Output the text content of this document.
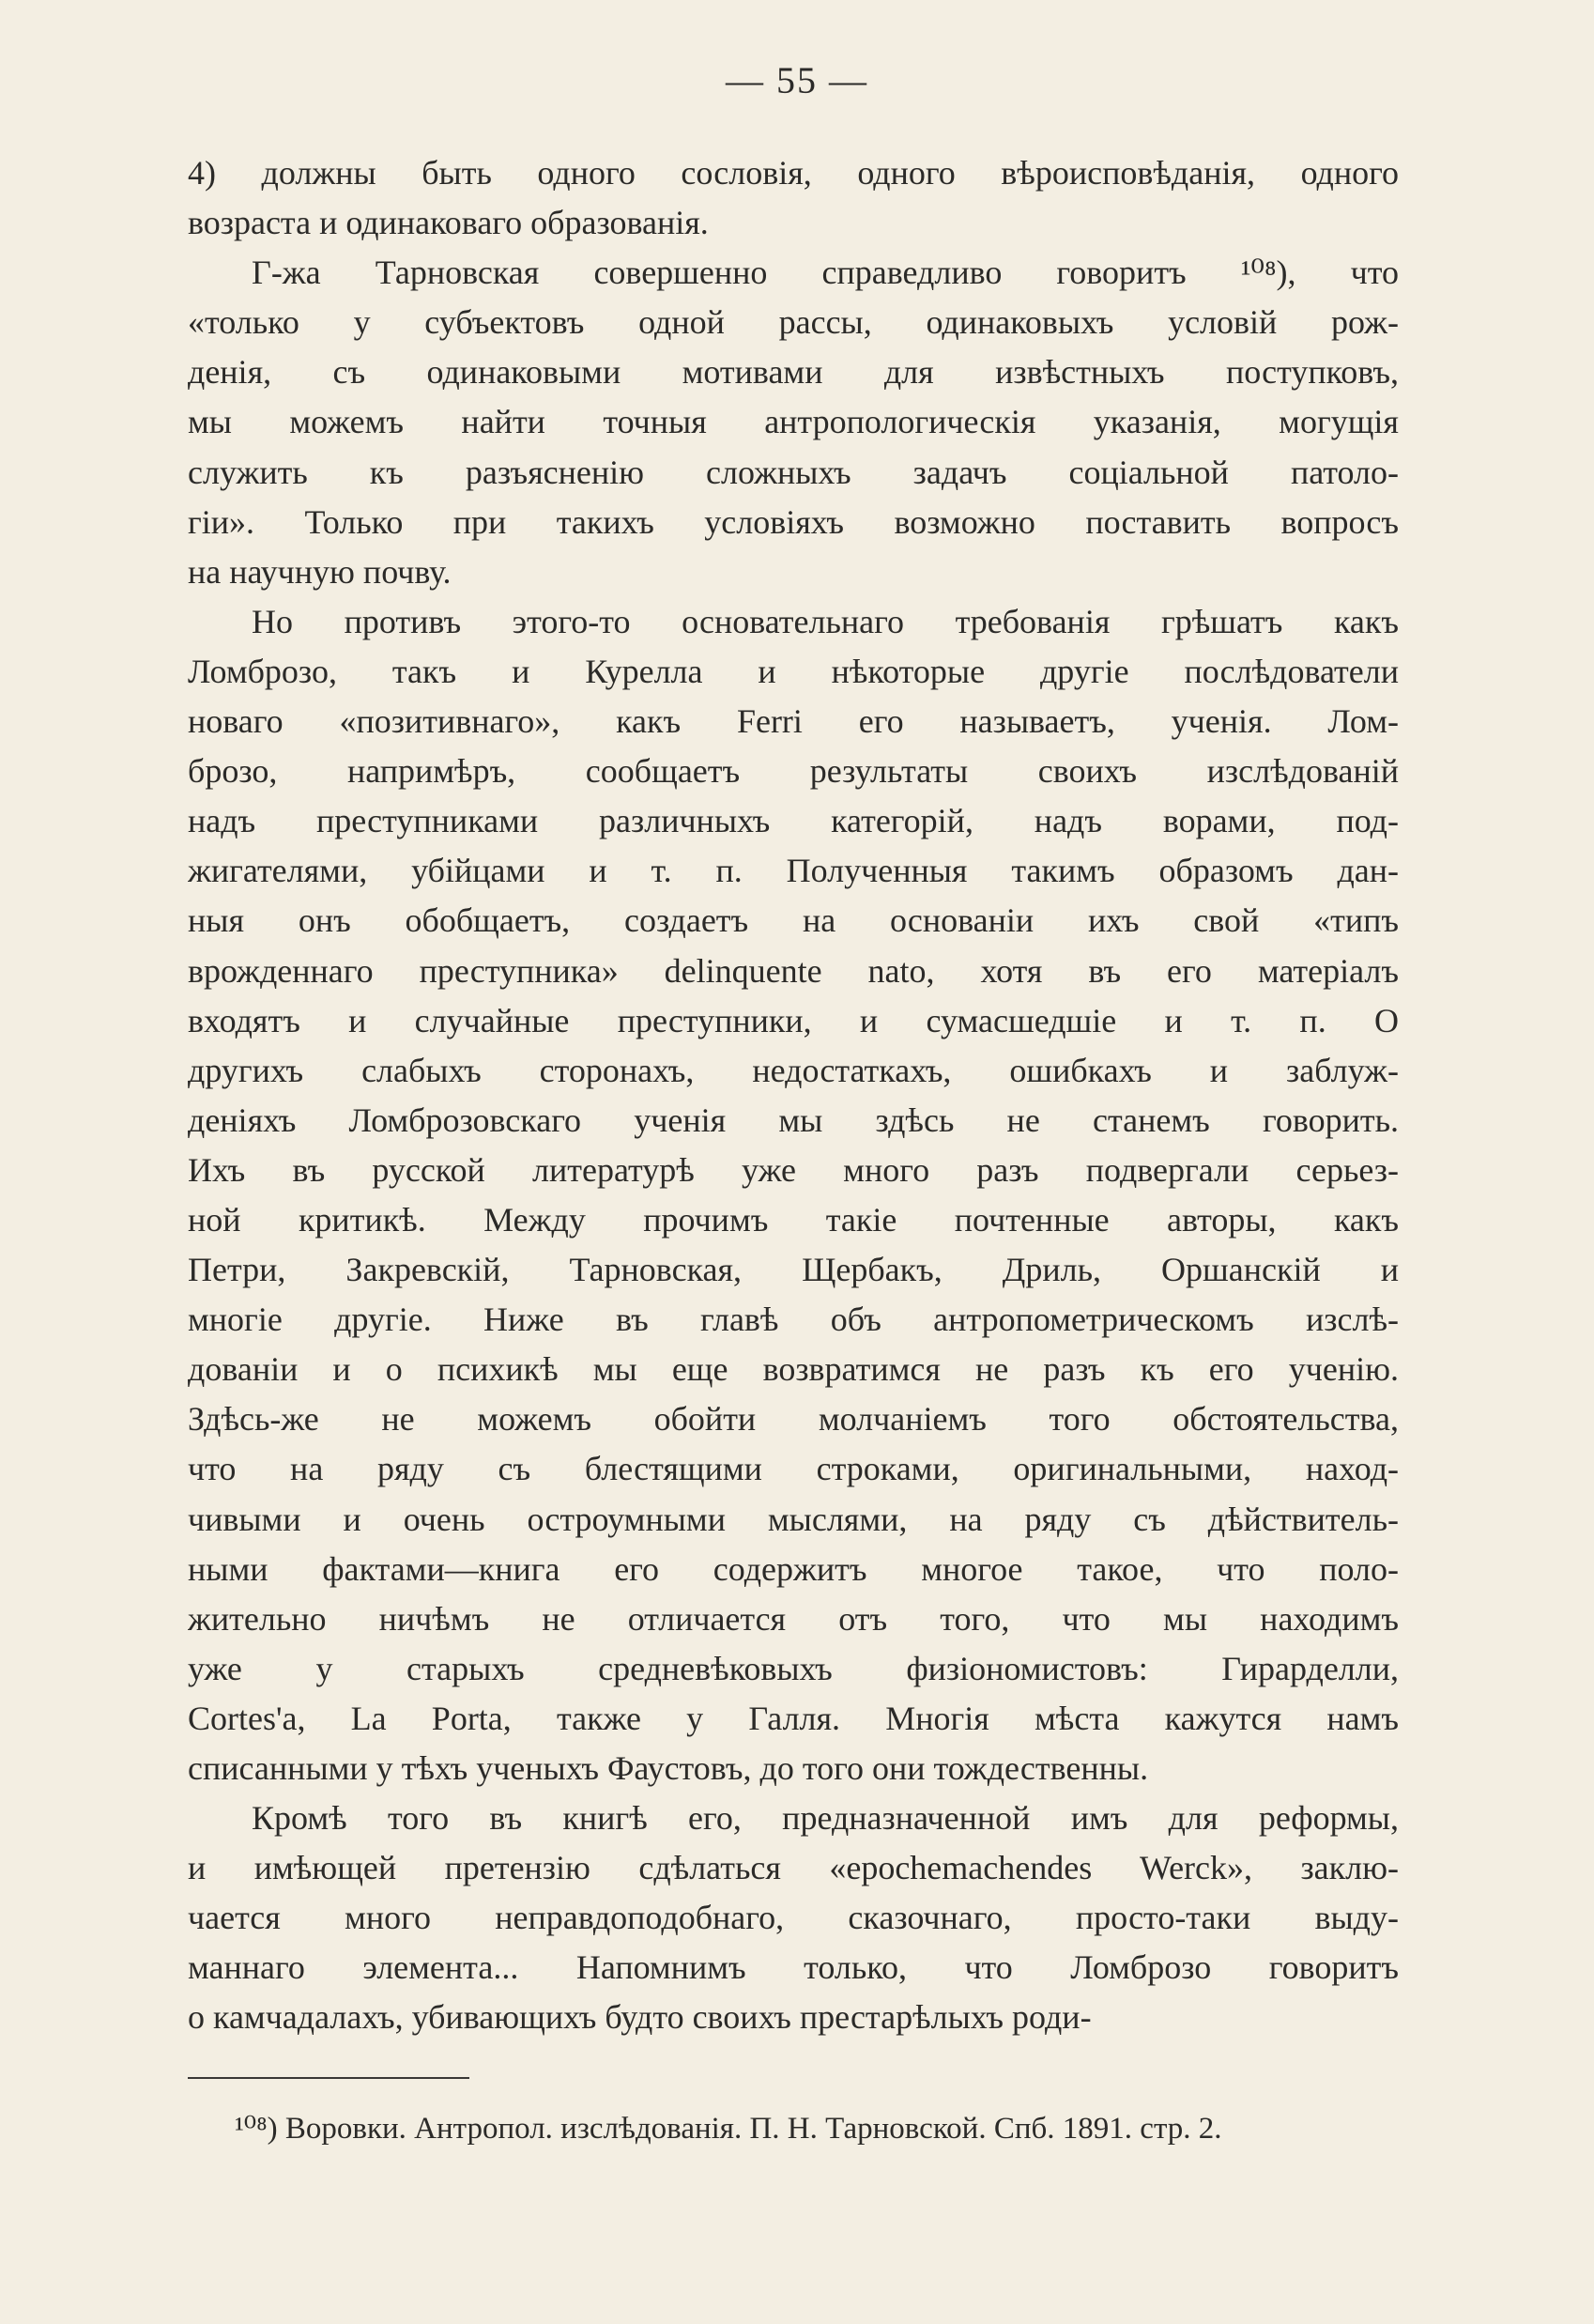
— 55 —
4) должны быть одного сословія, одного вѣроисповѣданія, одного
возраста и одинаковаго образованія.
Г-жа Тарновская совершенно справедливо говоритъ ¹⁰⁸), что
«только у субъектовъ одной рассы, одинаковыхъ условій рож-
денія, съ одинаковыми мотивами для извѣстныхъ поступковъ,
мы можемъ найти точныя антропологическія указанія, могущія
служить къ разъясненію сложныхъ задачъ соціальной патоло-
гіи». Только при такихъ условіяхъ возможно поставить вопросъ
на научную почву.
Но противъ этого-то основательнаго требованія грѣшатъ какъ
Ломброзо, такъ и Курелла и нѣкоторые другіе послѣдователи
новаго «позитивнаго», какъ Ferri его называетъ, ученія. Лом-
брозо, напримѣръ, сообщаетъ результаты своихъ изслѣдованій
надъ преступниками различныхъ категорій, надъ ворами, под-
жигателями, убійцами и т. п. Полученныя такимъ образомъ дан-
ныя онъ обобщаетъ, создаетъ на основаніи ихъ свой «типъ
врожденнаго преступника» delinquente nato, хотя въ его матеріалъ
входятъ и случайные преступники, и сумасшедшіе и т. п. О
другихъ слабыхъ сторонахъ, недостаткахъ, ошибкахъ и заблуж-
деніяхъ Ломброзовскаго ученія мы здѣсь не станемъ говорить.
Ихъ въ русской литературѣ уже много разъ подвергали серьез-
ной критикѣ. Между прочимъ такіе почтенные авторы, какъ
Петри, Закревскій, Тарновская, Щербакъ, Дриль, Оршанскій и
многіе другіе. Ниже въ главѣ объ антропометрическомъ изслѣ-
дованіи и о психикѣ мы еще возвратимся не разъ къ его ученію.
Здѣсь-же не можемъ обойти молчаніемъ того обстоятельства,
что на ряду съ блестящими строками, оригинальными, наход-
чивыми и очень остроумными мыслями, на ряду съ дѣйствитель-
ными фактами—книга его содержитъ многое такое, что поло-
жительно ничѣмъ не отличается отъ того, что мы находимъ
уже у старыхъ средневѣковыхъ физіономистовъ: Гирарделли,
Cortes'а, La Porta, также у Галля. Многія мѣста кажутся намъ
списанными у тѣхъ ученыхъ Фаустовъ, до того они тождественны.
Кромѣ того въ книгѣ его, предназначенной имъ для реформы,
и имѣющей претензію сдѣлаться «epochemachendes Werck», заклю-
чается много неправдоподобнаго, сказочнаго, просто-таки выду-
маннаго элемента... Напомнимъ только, что Ломброзо говоритъ
о камчадалахъ, убивающихъ будто своихъ престарѣлыхъ роди-
¹⁰⁸) Воровки. Антропол. изслѣдованія. П. Н. Тарновской. Спб. 1891. стр. 2.
